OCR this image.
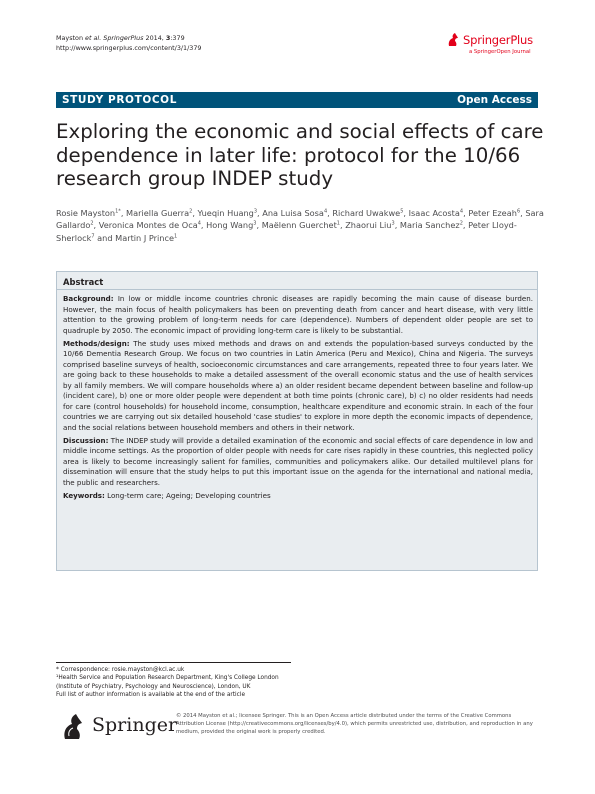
Mayston et al. SpringerPlus 2014, 3:379
http://www.springerplus.com/content/3/1/379
SpringerPlus
a SpringerOpen Journal
STUDY PROTOCOL	Open Access
Exploring the economic and social effects of care dependence in later life: protocol for the 10/66 research group INDEP study
Rosie Mayston$^{1*}$, Mariella Guerra$^2$, Yueqin Huang$^3$, Ana Luisa Sosa$^4$, Richard Uwakwe$^5$, Isaac Acosta$^4$, Peter Ezeah$^6$, Sara Gallardo$^2$, Veronica Montes de Oca$^4$, Hong Wang$^3$, Maëlenn Guerchet$^1$, Zhaorui Liu$^3$, Maria Sanchez$^2$, Peter Lloyd-Sherlock$^7$ and Martin J Prince$^1$
Abstract

Background: In low or middle income countries chronic diseases are rapidly becoming the main cause of disease burden. However, the main focus of health policymakers has been on preventing death from cancer and heart disease, with very little attention to the growing problem of long-term needs for care (dependence). Numbers of dependent older people are set to quadruple by 2050. The economic impact of providing long-term care is likely to be substantial.

Methods/design: The study uses mixed methods and draws on and extends the population-based surveys conducted by the 10/66 Dementia Research Group. We focus on two countries in Latin America (Peru and Mexico), China and Nigeria. The surveys comprised baseline surveys of health, socioeconomic circumstances and care arrangements, repeated three to four years later. We are going back to these households to make a detailed assessment of the overall economic status and the use of health services by all family members. We will compare households where a) an older resident became dependent between baseline and follow-up (incident care), b) one or more older people were dependent at both time points (chronic care), b) c) no older residents had needs for care (control households) for household income, consumption, healthcare expenditure and economic strain. In each of the four countries we are carrying out six detailed household 'case studies' to explore in more depth the economic impacts of dependence, and the social relations between household members and others in their network.

Discussion: The INDEP study will provide a detailed examination of the economic and social effects of care dependence in low and middle income settings. As the proportion of older people with needs for care rises rapidly in these countries, this neglected policy area is likely to become increasingly salient for families, communities and policymakers alike. Our detailed multilevel plans for dissemination will ensure that the study helps to put this important issue on the agenda for the international and national media, the public and researchers.

Keywords: Long-term care; Ageing; Developing countries

* Correspondence: rosie.mayston@kcl.ac.uk
¹Health Service and Population Research Department, King's College London (Institute of Psychiatry, Psychology and Neuroscience), London, UK
Full list of author information is available at the end of the article
Springer
© 2014 Mayston et al.; licensee Springer. This is an Open Access article distributed under the terms of the Creative Commons Attribution License (http://creativecommons.org/licenses/by/4.0), which permits unrestricted use, distribution, and reproduction in any medium, provided the original work is properly credited.
